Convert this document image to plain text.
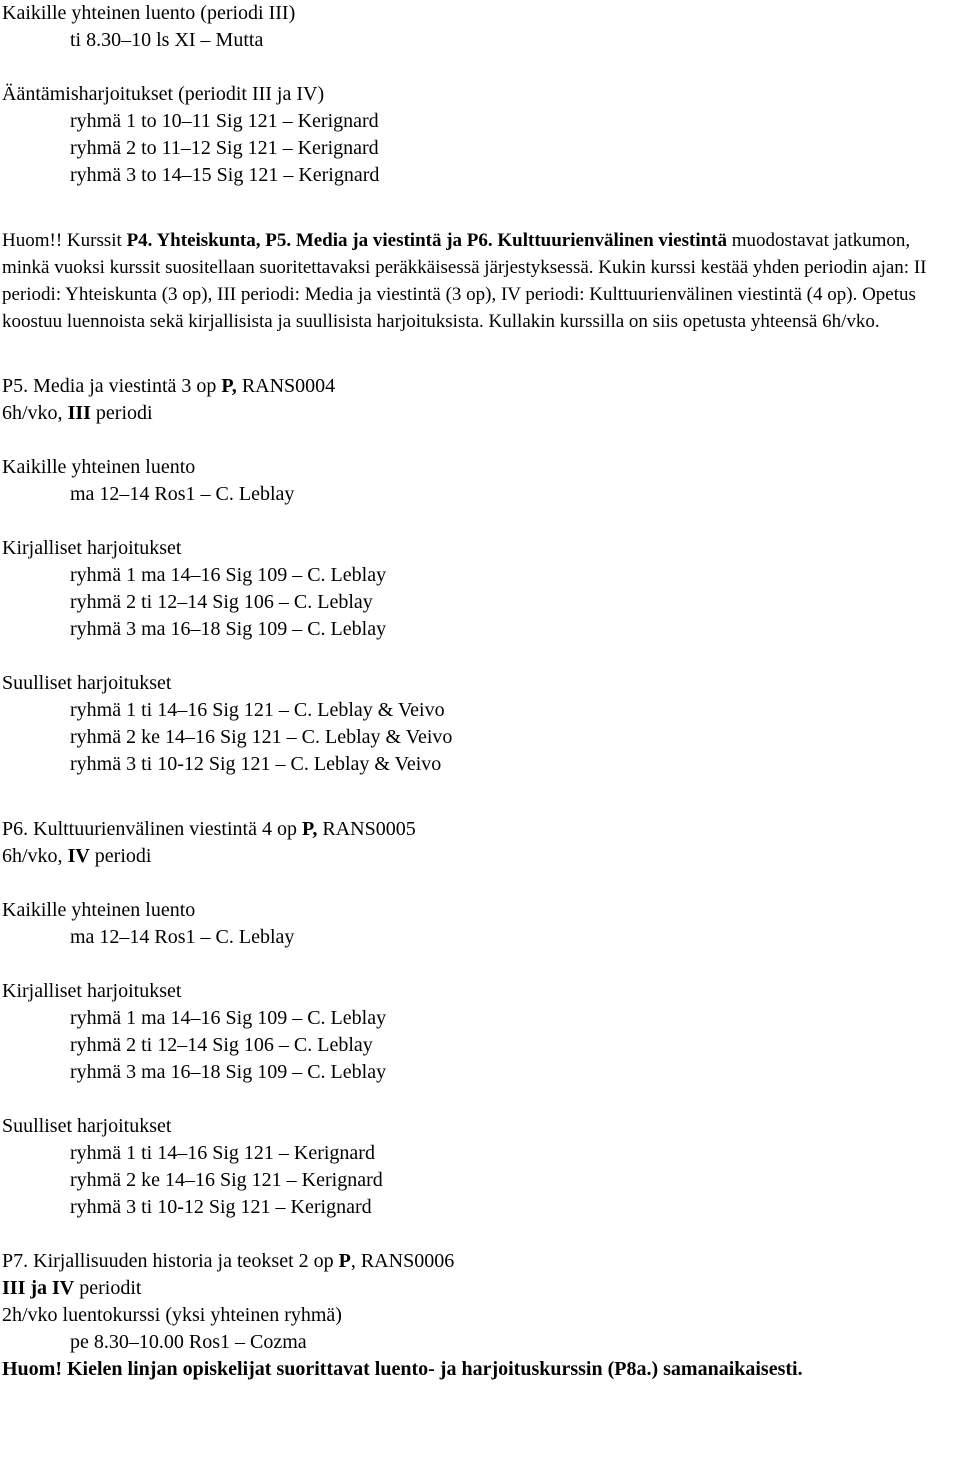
Kaikille yhteinen luento (periodi III)
ti 8.30–10 ls XI – Mutta
Ääntämisharjoitukset (periodit III ja IV)
ryhmä 1 to 10–11 Sig 121 – Kerignard
ryhmä 2 to 11–12 Sig 121 – Kerignard
ryhmä 3 to 14–15 Sig 121 – Kerignard
Huom!! Kurssit P4. Yhteiskunta, P5. Media ja viestintä ja P6. Kulttuurienvälinen viestintä muodostavat jatkumon, minkä vuoksi kurssit suositellaan suoritettavaksi peräkkäisessä järjestyksessä. Kukin kurssi kestää yhden periodin ajan: II periodi: Yhteiskunta (3 op), III periodi: Media ja viestintä (3 op), IV periodi: Kulttuurienvälinen viestintä (4 op). Opetus koostuu luennoista sekä kirjallisista ja suullisista harjoituksista. Kullakin kurssilla on siis opetusta yhteensä 6h/vko.
P5. Media ja viestintä 3 op P, RANS0004
6h/vko, III periodi
Kaikille yhteinen luento
ma 12–14 Ros1 – C. Leblay
Kirjalliset harjoitukset
ryhmä 1 ma 14–16 Sig 109 – C. Leblay
ryhmä 2 ti 12–14 Sig 106 – C. Leblay
ryhmä 3 ma 16–18 Sig 109 – C. Leblay
Suulliset harjoitukset
ryhmä 1 ti 14–16 Sig 121 – C. Leblay & Veivo
ryhmä 2 ke 14–16 Sig 121 – C. Leblay & Veivo
ryhmä 3 ti 10-12 Sig 121 – C. Leblay & Veivo
P6. Kulttuurienvälinen viestintä 4 op P, RANS0005
6h/vko, IV periodi
Kaikille yhteinen luento
ma 12–14 Ros1 – C. Leblay
Kirjalliset harjoitukset
ryhmä 1 ma 14–16 Sig 109 – C. Leblay
ryhmä 2 ti 12–14 Sig 106 – C. Leblay
ryhmä 3 ma 16–18 Sig 109 – C. Leblay
Suulliset harjoitukset
ryhmä 1 ti 14–16 Sig 121 – Kerignard
ryhmä 2 ke 14–16 Sig 121 – Kerignard
ryhmä 3 ti 10-12 Sig 121 – Kerignard
P7. Kirjallisuuden historia ja teokset 2 op P, RANS0006
III ja IV periodit
2h/vko luentokurssi (yksi yhteinen ryhmä)
pe 8.30–10.00 Ros1 – Cozma
Huom! Kielen linjan opiskelijat suorittavat luento- ja harjoituskurssin (P8a.) samanaikaisesti.
